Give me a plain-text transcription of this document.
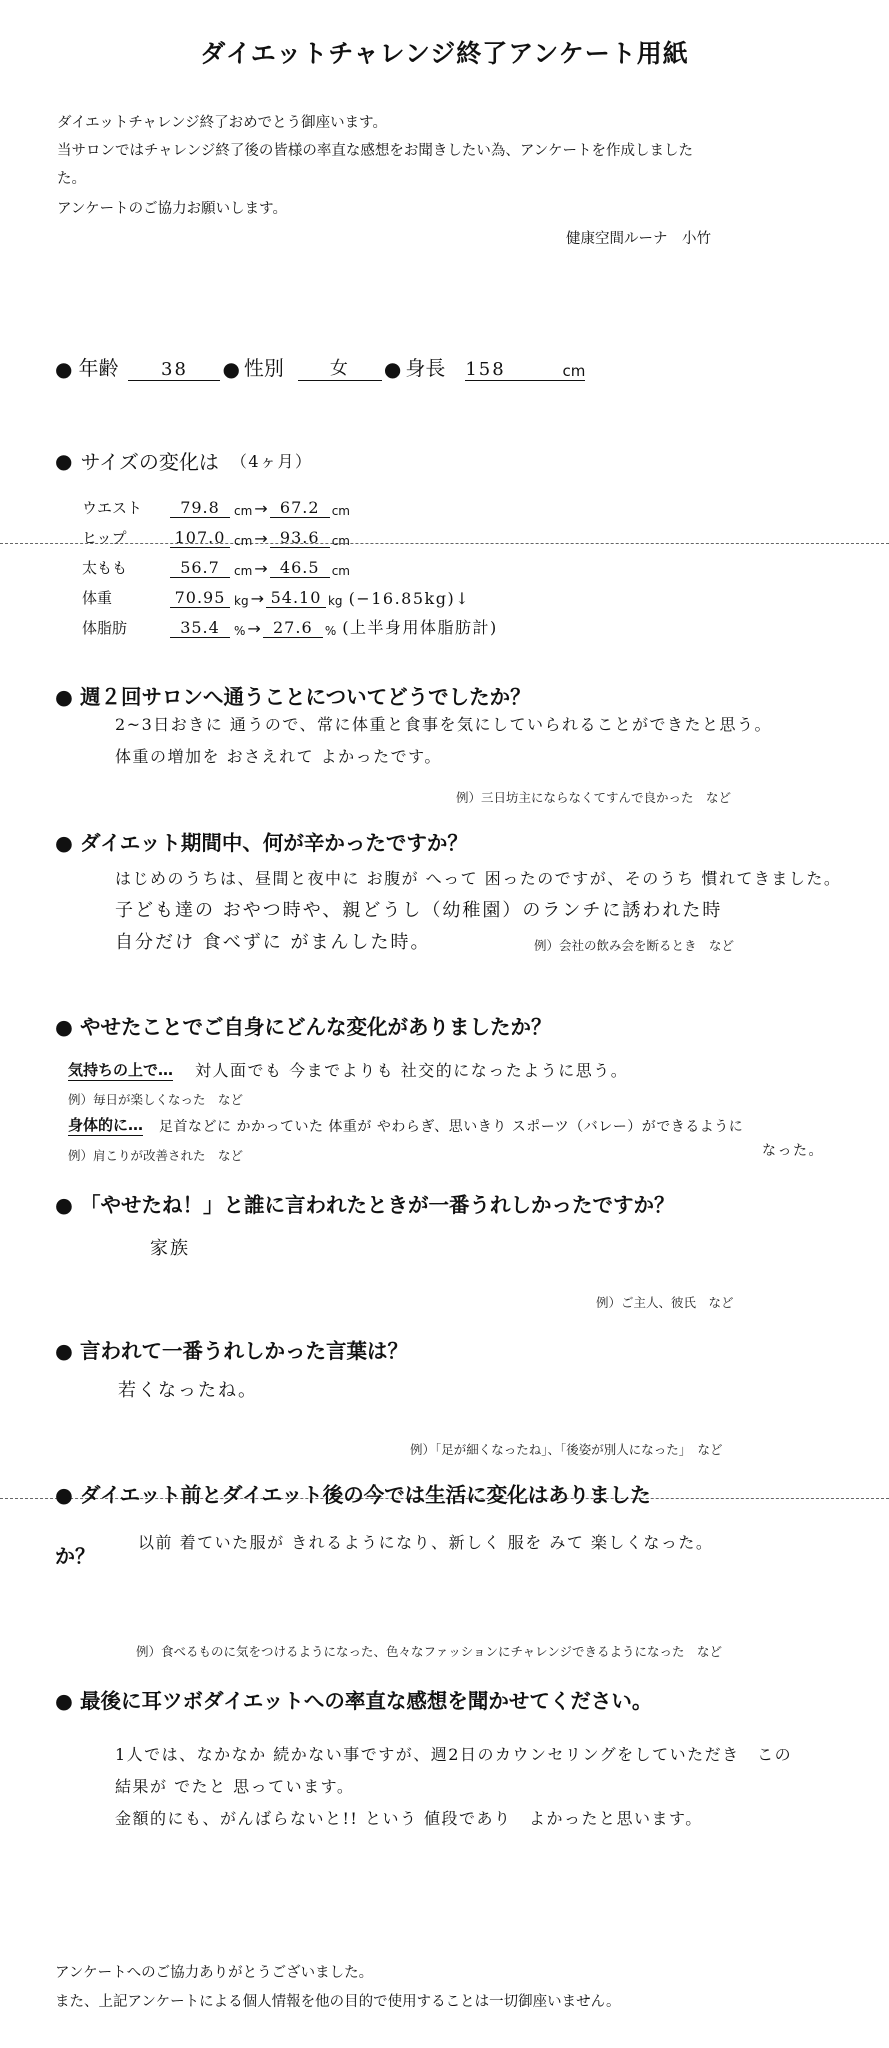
ダイエットチャレンジ終了アンケート用紙
ダイエットチャレンジ終了おめでとう御座います。
当サロンではチャレンジ終了後の皆様の率直な感想をお聞きしたい為、アンケートを作成しました
た。
アンケートのご協力お願いします。
健康空間ルーナ　小竹
● 年齢	38	● 性別	女	● 身長 158	cm
● サイズの変化は （4ヶ月）
ウエスト	79.8	cm → 67.2	cm
ヒップ	107.0 cm → 93.6	cm
太もも	56.7	cm → 46.5	cm
体重	70.95 kg → 54.10 kg (−16.85kg)↓
体脂肪	35.4	% → 27.6	% (上半身用体脂肪計)
● 週２回サロンへ通うことについてどうでしたか？
2~3日おきに 通うので、常に体重と食事を気にしていられることができたと思う。
体重の増加を おさえれて よかったです。
例）三日坊主にならなくてすんで良かった　など
● ダイエット期間中、何が辛かったですか？
はじめのうちは、昼間と夜中に お腹が へって 困ったのですが、そのうち 慣れてきました。
子ども達の おやつ時や、親どうし（幼稚園）のランチに誘われた時
自分だけ 食べずに がまんした時。	例）会社の飲み会を断るとき　など
● やせたことでご自身にどんな変化がありましたか？
気持ちの上で… 対人面でも 今までよりも 社交的になったように思う。
例）毎日が楽しくなった　など
身体的に… 足首などに かかっていた 体重が やわらぎ、思いきり スポーツ（バレー）ができるように
なった。
例）肩こりが改善された　など
● 「やせたね！」と誰に言われたときが一番うれしかったですか？
家族
例）ご主人、彼氏　など
● 言われて一番うれしかった言葉は？
若くなったね。
例）「足が細くなったね」、「後姿が別人になった」　など
● ダイエット前とダイエット後の今では生活に変化はありました
か？
以前 着ていた服が きれるようになり、新しく 服を みて 楽しくなった。
例）食べるものに気をつけるようになった、色々なファッションにチャレンジできるようになった　など
● 最後に耳ツボダイエットへの率直な感想を聞かせてください。
1人では、なかなか 続かない事ですが、週2日のカウンセリングをしていただき　この
結果が でたと 思っています。
金額的にも、がんばらないと!! という 値段であり　よかったと思います。
アンケートへのご協力ありがとうございました。
また、上記アンケートによる個人情報を他の目的で使用することは一切御座いません。
